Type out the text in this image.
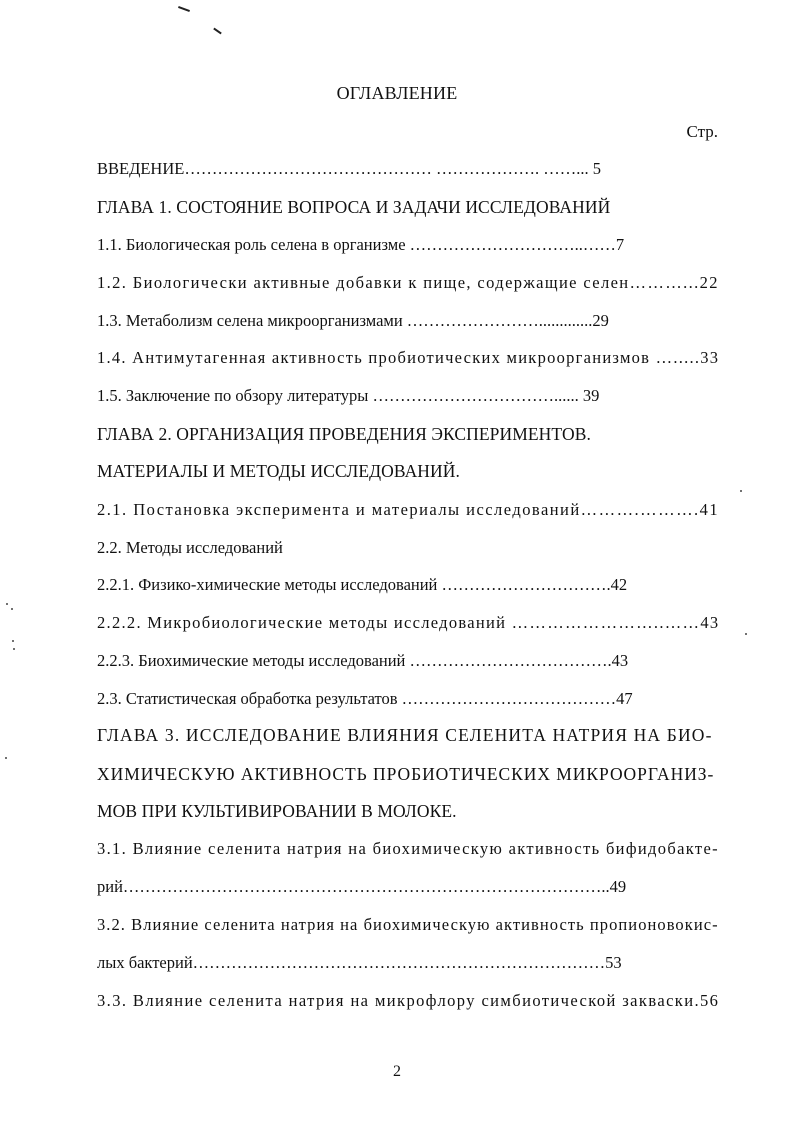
ОГЛАВЛЕНИЕ
Стр.
ВВЕДЕНИЕ……………………………………… ………………. ……... 5
ГЛАВА 1. СОСТОЯНИЕ ВОПРОСА И ЗАДАЧИ ИССЛЕДОВАНИЙ
1.1. Биологическая роль селена в организме …………………………..……7
1.2. Биологически активные добавки к пище, содержащие селен………...22
1.3. Метаболизм селена микроорганизмами …………………….............29
1.4. Антимутагенная активность пробиотических микроорганизмов ….....33
1.5. Заключение по обзору литературы ……………………………...... 39
ГЛАВА 2. ОРГАНИЗАЦИЯ ПРОВЕДЕНИЯ ЭКСПЕРИМЕНТОВ.
МАТЕРИАЛЫ И МЕТОДЫ ИССЛЕДОВАНИЙ.
2.1. Постановка эксперимента и материалы исследований……….……….41
2.2. Методы исследований
2.2.1. Физико-химические методы исследований ………………………….42
2.2.2. Микробиологические методы исследований ……………………..……43
2.2.3. Биохимические методы исследований ……………………………….43
2.3. Статистическая обработка результатов …………………………………47
ГЛАВА 3. ИССЛЕДОВАНИЕ ВЛИЯНИЯ СЕЛЕНИТА НАТРИЯ НА БИО-
ХИМИЧЕСКУЮ АКТИВНОСТЬ ПРОБИОТИЧЕСКИХ МИКРООРГАНИЗ-
МОВ ПРИ КУЛЬТИВИРОВАНИИ В МОЛОКЕ.
3.1. Влияние селенита натрия на биохимическую активность бифидобакте-
рий……………………………………………………………………………..49
3.2. Влияние селенита натрия на биохимическую активность пропионовокис-
лых бактерий…………………………………………………………………53
3.3. Влияние селенита натрия на микрофлору симбиотической закваски.56
2
